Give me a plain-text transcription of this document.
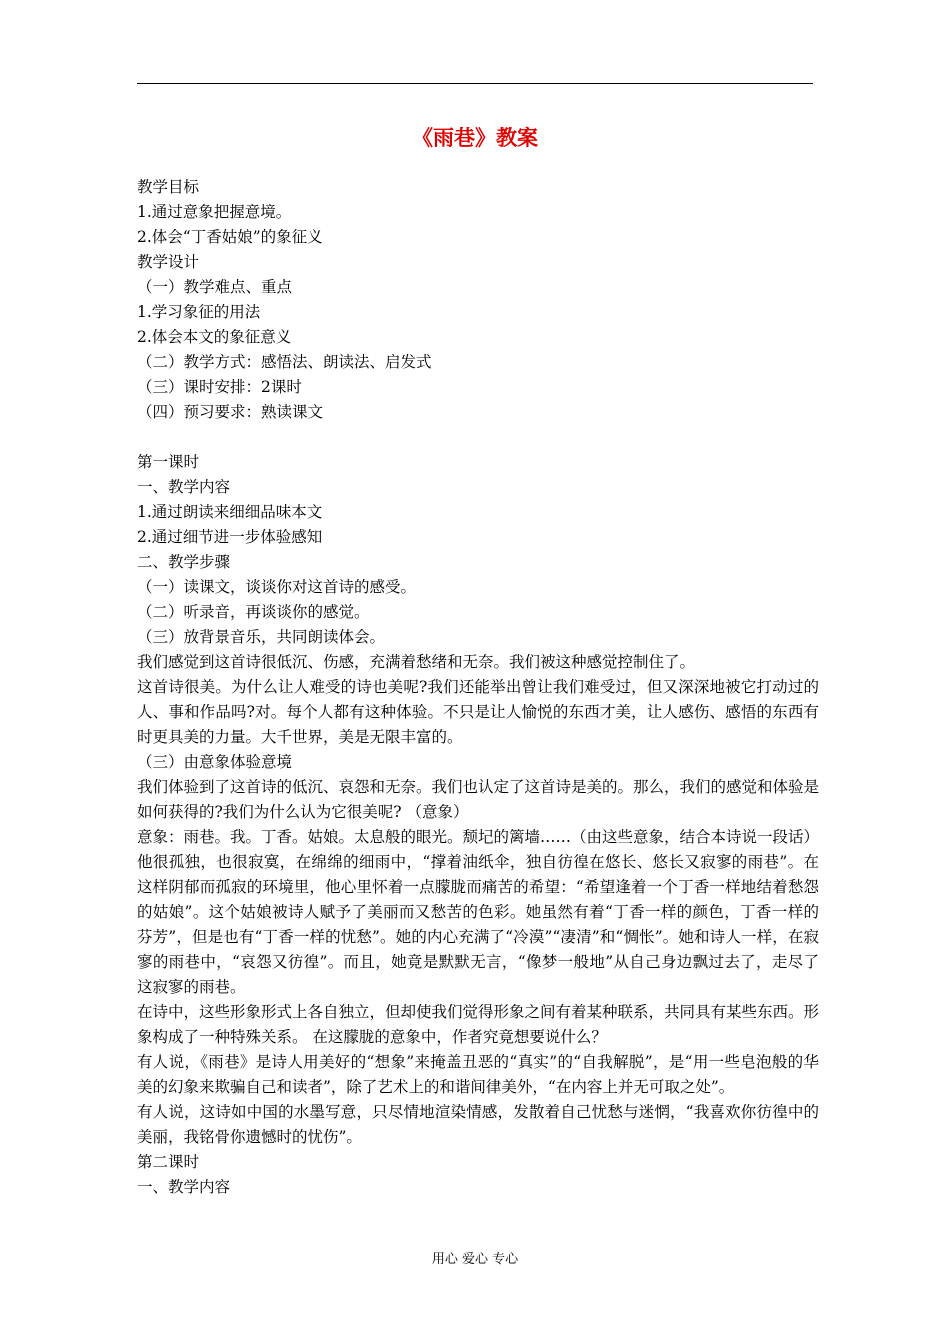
《雨巷》教案
教学目标
1.通过意象把握意境。
2.体会“丁香姑娘”的象征义
教学设计
（一）教学难点、重点
1.学习象征的用法
2.体会本文的象征意义
（二）教学方式：感悟法、朗读法、启发式
（三）课时安排：2课时
（四）预习要求：熟读课文
第一课时
一、教学内容
1.通过朗读来细细品味本文
2.通过细节进一步体验感知
二、教学步骤
（一）读课文，谈谈你对这首诗的感受。
（二）听录音，再谈谈你的感觉。
（三）放背景音乐，共同朗读体会。
我们感觉到这首诗很低沉、伤感，充满着愁绪和无奈。我们被这种感觉控制住了。
这首诗很美。为什么让人难受的诗也美呢?我们还能举出曾让我们难受过，但又深深地被它打动过的人、事和作品吗?对。每个人都有这种体验。不只是让人愉悦的东西才美，让人感伤、感悟的东西有时更具美的力量。大千世界，美是无限丰富的。
（三）由意象体验意境
我们体验到了这首诗的低沉、哀怨和无奈。我们也认定了这首诗是美的。那么，我们的感觉和体验是如何获得的?我们为什么认为它很美呢? （意象）
意象：雨巷。我。丁香。姑娘。太息般的眼光。颓圮的篱墙……（由这些意象，结合本诗说一段话）他很孤独，也很寂寞，在绵绵的细雨中，“撑着油纸伞，独自彷徨在悠长、悠长又寂寥的雨巷”。在这样阴郁而孤寂的环境里，他心里怀着一点朦胧而痛苦的希望：“希望逢着一个丁香一样地结着愁怨的姑娘”。这个姑娘被诗人赋予了美丽而又愁苦的色彩。她虽然有着“丁香一样的颜色，丁香一样的芬芳”，但是也有“丁香一样的忧愁”。她的内心充满了“冷漠”“凄清”和“惆怅”。她和诗人一样，在寂寥的雨巷中，“哀怨又彷徨”。而且，她竟是默默无言，“像梦一般地”从自己身边飘过去了，走尽了这寂寥的雨巷。
在诗中，这些形象形式上各自独立，但却使我们觉得形象之间有着某种联系，共同具有某些东西。形象构成了一种特殊关系。 在这朦胧的意象中，作者究竟想要说什么？
有人说，《雨巷》是诗人用美好的“想象”来掩盖丑恶的“真实”的“自我解脱”，是“用一些皂泡般的华美的幻象来欺骗自己和读者”，除了艺术上的和谐间律美外，“在内容上并无可取之处”。
有人说，这诗如中国的水墨写意，只尽情地渲染情感，发散着自己忧愁与迷惘，“我喜欢你彷徨中的美丽，我铭骨你遗憾时的忧伤”。
第二课时
一、教学内容
用心 爱心 专心
